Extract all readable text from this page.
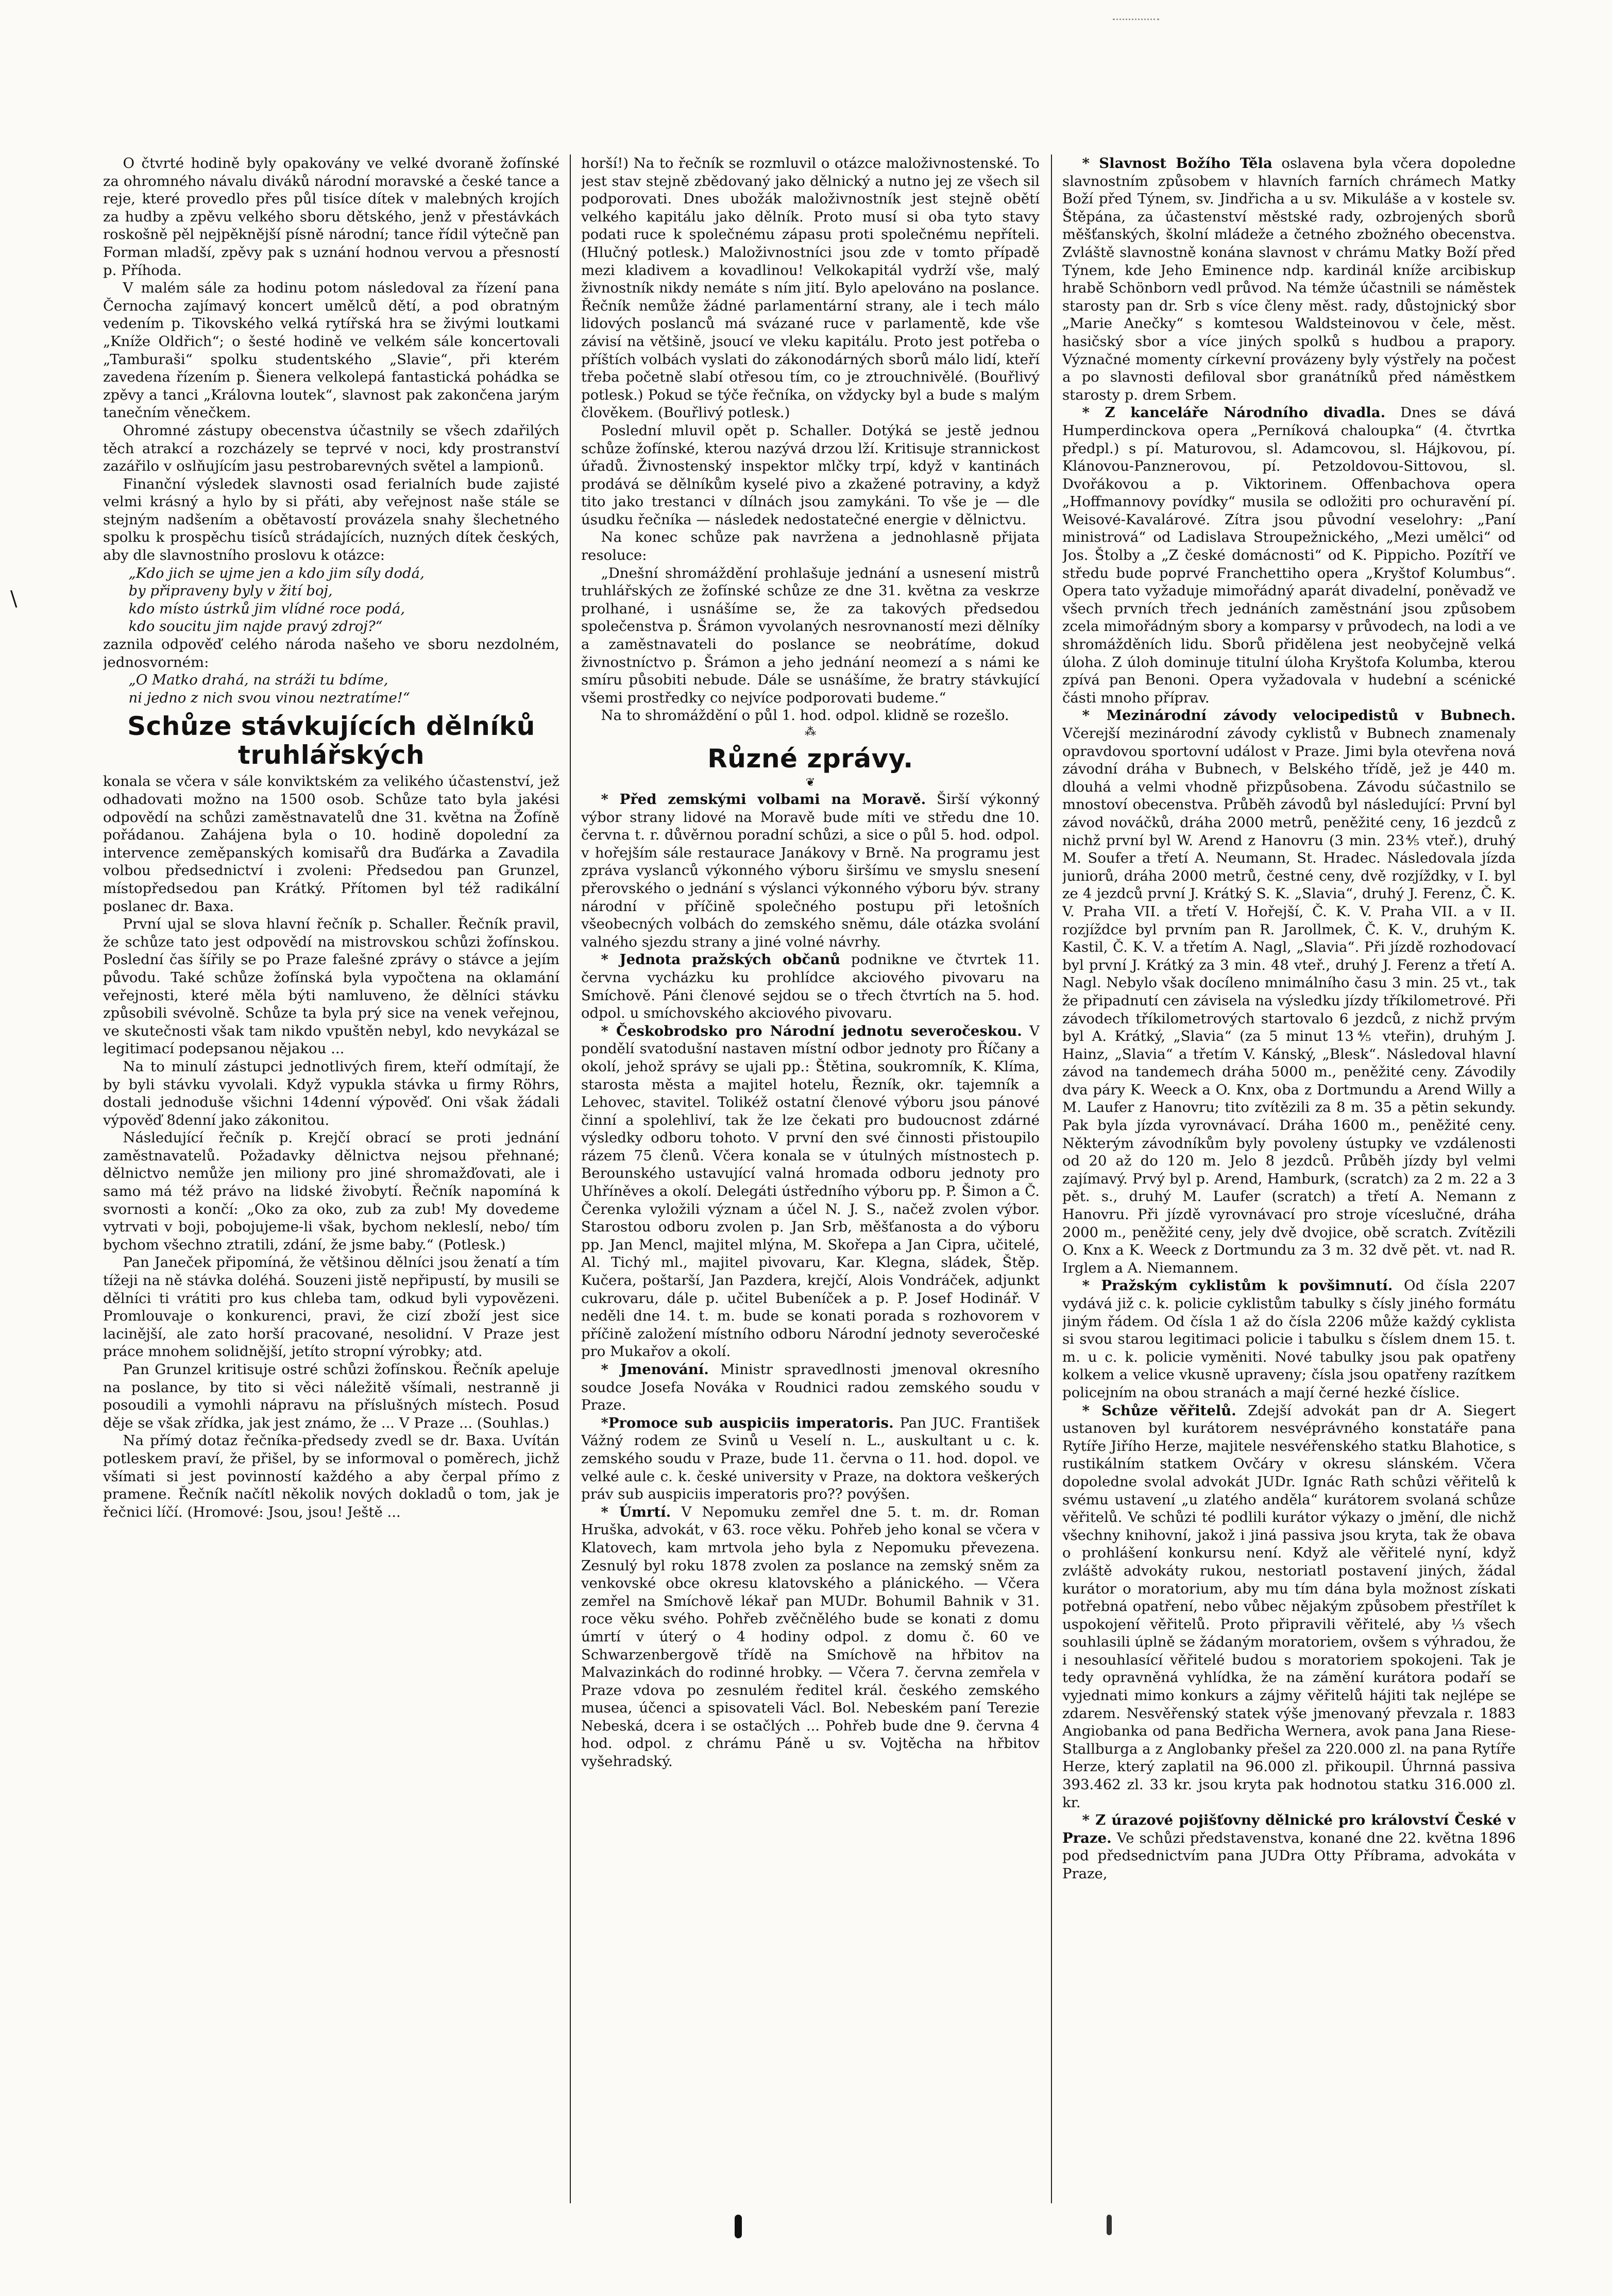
\

O čtvrté hodině byly opakovány ve velké dvoraně žofínské za ohromného návalu diváků národní moravské a české tance a reje, které provedlo přes půl tisíce dítek v malebných krojích za hudby a zpěvu velkého sboru dětského, jenž v přestávkách roskošně pěl nejpěknější písně národní; tance řídil výtečně pan Forman mladší, zpěvy pak s uznání hodnou vervou a přesností p. Příhoda.

V malém sále za hodinu potom následoval za řízení pana Černocha zajímavý koncert umělců dětí, a pod obratným vedením p. Tikovského velká rytířská hra se živými loutkami „Kníže Oldřich“; o šesté hodině ve velkém sále koncertovali „Tamburaši“ spolku studentského „Slavie“, při kterém zavedena řízením p. Šienera velkolepá fantastická pohádka se zpěvy a tanci „Královna loutek“, slavnost pak zakončena jarým tanečním věnečkem.

Ohromné zástupy obecenstva účastnily se všech zdařilých těch atrakcí a rozcházely se teprvé v noci, kdy prostranství zazářilo v oslňujícím jasu pestrobarevných světel a lampionů.

Finanční výsledek slavnosti osad ferialních bude zajisté velmi krásný a hylo by si přáti, aby veřejnost naše stále se stejným nadšením a obětavostí provázela snahy šlechetného spolku k prospěchu tisíců strádajících, nuzných dítek českých, aby dle slavnostního proslovu k otázce:

„Kdo jich se ujme jen a kdo jim síly dodá,

by připraveny byly v žití boj,

kdo místo ústrků jim vlídné roce podá,

kdo soucitu jim najde pravý zdroj?“

zaznila odpověď celého národa našeho ve sboru nezdolném, jednosvorném:

„O Matko drahá, na stráži tu bdíme,

ni jedno z nich svou vinou neztratíme!“

Schůze stávkujících dělníků
truhlářských

konala se včera v sále konviktském za velikého účastenství, jež odhadovati možno na 1500 osob. Schůze tato byla jakési odpovědí na schůzi zaměstnavatelů dne 31. května na Žofíně pořádanou. Zahájena byla o 10. hodině dopolední za intervence zeměpanských komisařů dra Buďárka a Zavadila volbou předsednictví i zvoleni: Předsedou pan Grunzel, místopředsedou pan Krátký. Přítomen byl též radikální poslanec dr. Baxa.

První ujal se slova hlavní řečník p. Schaller. Řečník pravil, že schůze tato jest odpovědí na mistrovskou schůzi žofínskou. Poslední čas šířily se po Praze falešné zprávy o stávce a jejím původu. Také schůze žofínská byla vypočtena na oklamání veřejnosti, které měla býti namluveno, že dělníci stávku způsobili svévolně. Schůze ta byla prý sice na venek veřejnou, ve skutečnosti však tam nikdo vpuštěn nebyl, kdo nevykázal se legitimací podepsanou nějakou ...

Na to minulí zástupci jednotlivých firem, kteří odmítají, že by byli stávku vyvolali. Když vypukla stávka u firmy Röhrs, dostali jednoduše všichni 14denní výpověď. Oni však žádali výpověď 8denní jako zákonitou.

Následující řečník p. Krejčí obrací se proti jednání zaměstnavatelů. Požadavky dělnictva nejsou přehnané; dělnictvo nemůže jen miliony pro jiné shromažďovati, ale i samo má též právo na lidské živobytí. Řečník napomíná k svornosti a končí: „Oko za oko, zub za zub! My dovedeme vytrvati v boji, pobojujeme-li však, bychom nekleslí, nebo/ tím bychom všechno ztratili, zdání, že jsme baby.“ (Potlesk.)

Pan Janeček připomíná, že většinou dělníci jsou ženatí a tím tížeji na ně stávka doléhá. Souzeni jistě nepřipustí, by musili se dělníci ti vrátiti pro kus chleba tam, odkud byli vypovězeni. Promlouvaje o konkurenci, pravi, že cizí zboží jest sice lacinější, ale zato horší pracované, nesolidní. V Praze jest práce mnohem solidnější, jetíto stropní výrobky; atd.

Pan Grunzel kritisuje ostré schůzi žofínskou. Řečník apeluje na poslance, by tito si věci náležitě všímali, nestranně ji posoudili a vymohli nápravu na příslušných místech. Posud děje se však zřídka, jak jest známo, že ... V Praze ... (Souhlas.)

Na přímý dotaz řečníka-předsedy zvedl se dr. Baxa. Uvítán potleskem praví, že přišel, by se informoval o poměrech, jichž všímati si jest povinností každého a aby čerpal přímo z pramene. Řečník načítl několik nových dokladů o tom, jak je řečnici líčí. (Hromové: Jsou, jsou! Ještě ...

horší!) Na to řečník se rozmluvil o otázce maloživnostenské. To jest stav stejně zbědovaný jako dělnický a nutno jej ze všech sil podporovati. Dnes ubožák maloživnostník jest stejně obětí velkého kapitálu jako dělník. Proto musí si oba tyto stavy podati ruce k společnému zápasu proti společnému nepříteli. (Hlučný potlesk.) Maloživnostníci jsou zde v tomto případě mezi kladivem a kovadlinou! Velkokapitál vydrží vše, malý živnostník nikdy nemáte s ním jití. Bylo apelováno na poslance. Řečník nemůže žádné parlamentární strany, ale i tech málo lidových poslanců má svázané ruce v parlamentě, kde vše závisí na většině, jsoucí ve vleku kapitálu. Proto jest potřeba o příštích volbách vyslati do zákonodárných sborů málo lidí, kteří třeba početně slabí otřesou tím, co je ztrouchnivělé. (Bouřlivý potlesk.) Pokud se týče řečníka, on vždycky byl a bude s malým člověkem. (Bouřlivý potlesk.)

Poslední mluvil opět p. Schaller. Dotýká se jestě jednou schůze žofínské, kterou nazývá drzou lží. Kritisuje strannickost úřadů. Živnostenský inspektor mlčky trpí, když v kantinách prodává se dělníkům kyselé pivo a zkažené potraviny, a když tito jako trestanci v dílnách jsou zamykáni. To vše je — dle úsudku řečníka — následek nedostatečné energie v dělnictvu.

Na konec schůze pak navržena a jednohlasně přijata resoluce:

„Dnešní shromáždění prohlašuje jednání a usnesení mistrů truhlářských ze žofínské schůze ze dne 31. května za veskrze prolhané, i usnášíme se, že za takových předsedou společenstva p. Šrámon vyvolaných nesrovnaností mezi dělníky a zaměstnavateli do poslance se neobrátíme, dokud živnostníctvo p. Šrámon a jeho jednání neomezí a s námi ke smíru působiti nebude. Dále se usnášíme, že bratry stávkující všemi prostředky co nejvíce podporovati budeme.“

Na to shromáždění o půl 1. hod. odpol. klidně se rozešlo.

⁂
Různé zprávy.
❦

* Před zemskými volbami na Moravě. Širší výkonný výbor strany lidové na Moravě bude míti ve středu dne 10. června t. r. důvěrnou poradní schůzi, a sice o půl 5. hod. odpol. v hořejším sále restaurace Janákovy v Brně. Na programu jest zpráva vyslanců výkonného výboru širšímu ve smyslu snesení přerovského o jednání s výslanci výkonného výboru býv. strany národní v příčině společného postupu při letošních všeobecných volbách do zemského sněmu, dále otázka svolání valného sjezdu strany a jiné volné návrhy.

* Jednota pražských občanů podnikne ve čtvrtek 11. června vycházku ku prohlídce akciového pivovaru na Smíchově. Páni členové sejdou se o třech čtvrtích na 5. hod. odpol. u smíchovského akciového pivovaru.

* Českobrodsko pro Národní jednotu severočeskou. V pondělí svatodušní nastaven místní odbor jednoty pro Říčany a okolí, jehož správy se ujali pp.: Štětina, soukromník, K. Klíma, starosta města a majitel hotelu, Řezník, okr. tajemník a Lehovec, stavitel. Tolikéž ostatní členové výboru jsou pánové činní a spolehliví, tak že lze čekati pro budoucnost zdárné výsledky odboru tohoto. V první den své činnosti přistoupilo rázem 75 členů. Včera konala se v útulných místnostech p. Berounského ustavující valná hromada odboru jednoty pro Uhříněves a okolí. Delegáti ústředního výboru pp. P. Šimon a Č. Čerenka vyložili význam a účel N. J. S., načež zvolen výbor. Starostou odboru zvolen p. Jan Srb, měšťanosta a do výboru pp. Jan Mencl, majitel mlýna, M. Skořepa a Jan Cipra, učitelé, Al. Tichý ml., majitel pivovaru, Kar. Klegna, sládek, Štěp. Kučera, poštarší, Jan Pazdera, krejčí, Alois Vondráček, adjunkt cukrovaru, dále p. učitel Bubeníček a p. P. Josef Hodinář. V neděli dne 14. t. m. bude se konati porada s rozhovorem v příčině založení místního odboru Národní jednoty severočeské pro Mukařov a okolí.

* Jmenování. Ministr spravedlnosti jmenoval okresního soudce Josefa Nováka v Roudnici radou zemského soudu v Praze.

*Promoce sub auspiciis imperatoris. Pan JUC. František Vážný rodem ze Svinů u Veselí n. L., auskultant u c. k. zemského soudu v Praze, bude 11. června o 11. hod. dopol. ve velké aule c. k. české university v Praze, na doktora veškerých práv sub auspiciis imperatoris pro?? povýšen.

* Úmrtí. V Nepomuku zemřel dne 5. t. m. dr. Roman Hruška, advokát, v 63. roce věku. Pohřeb jeho konal se včera v Klatovech, kam mrtvola jeho byla z Nepomuku převezena. Zesnulý byl roku 1878 zvolen za poslance na zemský sněm za venkovské obce okresu klatovského a plánického. — Včera zemřel na Smíchově lékař pan MUDr. Bohumil Bahnik v 31. roce věku svého. Pohřeb zvěčnělého bude se konati z domu úmrtí v úterý o 4 hodiny odpol. z domu č. 60 ve Schwarzenbergově třídě na Smíchově na hřbitov na Malvazinkách do rodinné hrobky. — Včera 7. června zemřela v Praze vdova po zesnulém ředitel král. českého zemského musea, účenci a spisovateli Václ. Bol. Nebeském paní Terezie Nebeská, dcera i se ostačlých ... Pohřeb bude dne 9. června 4 hod. odpol. z chrámu Páně u sv. Vojtěcha na hřbitov vyšehradský.

* Slavnost Božího Těla oslavena byla včera dopoledne slavnostním způsobem v hlavních farních chrámech Matky Boží před Týnem, sv. Jindřicha a u sv. Mikuláše a v kostele sv. Štěpána, za účastenství městské rady, ozbrojených sborů měšťanských, školní mládeže a četného zbožného obecenstva. Zvláště slavnostně konána slavnost v chrámu Matky Boží před Týnem, kde Jeho Eminence ndp. kardinál kníže arcibiskup hrabě Schönborn vedl průvod. Na témže účastnili se náměstek starosty pan dr. Srb s více členy měst. rady, důstojnický sbor „Marie Anečky“ s komtesou Waldsteinovou v čele, měst. hasičský sbor a více jiných spolků s hudbou a prapory. Význačné momenty církevní provázeny byly výstřely na počest a po slavnosti defiloval sbor granátníků před náměstkem starosty p. drem Srbem.

* Z kanceláře Národního divadla. Dnes se dává Humperdinckova opera „Perníková chaloupka“ (4. čtvrtka předpl.) s pí. Maturovou, sl. Adamcovou, sl. Hájkovou, pí. Klánovou-Panznerovou, pí. Petzoldovou-Sittovou, sl. Dvořákovou a p. Viktorinem. Offenbachova opera „Hoffmannovy povídky“ musila se odložiti pro ochuravění pí. Weisové-Kavalárové. Zítra jsou původní veselohry: „Paní ministrová“ od Ladislava Stroupežnického, „Mezi umělci“ od Jos. Štolby a „Z české domácnosti“ od K. Pippicho. Pozítří ve středu bude poprvé Franchettiho opera „Kryštof Kolumbus“. Opera tato vyžaduje mimořádný aparát divadelní, poněvadž ve všech prvních třech jednáních zaměstnání jsou způsobem zcela mimořádným sbory a komparsy v průvodech, na lodi a ve shromážděních lidu. Sborů přidělena jest neobyčejně velká úloha. Z úloh dominuje titulní úloha Kryštofa Kolumba, kterou zpívá pan Benoni. Opera vyžadovala v hudební a scénické části mnoho příprav.

* Mezinárodní závody velocipedistů v Bubnech. Včerejší mezinárodní závody cyklistů v Bubnech znamenaly opravdovou sportovní událost v Praze. Jimi byla otevřena nová závodní dráha v Bubnech, v Belského třídě, jež je 440 m. dlouhá a velmi vhodně přizpůsobena. Závodu súčastnilo se mnostoví obecenstva. Průběh závodů byl následující: První byl závod nováčků, dráha 2000 metrů, peněžité ceny, 16 jezdců z nichž první byl W. Arend z Hanovru (3 min. 23⅘ vteř.), druhý M. Soufer a třetí A. Neumann, St. Hradec. Následovala jízda juniorů, dráha 2000 metrů, čestné ceny, dvě rozjíždky, v I. byl ze 4 jezdců první J. Krátký S. K. „Slavia“, druhý J. Ferenz, Č. K. V. Praha VII. a třetí V. Hořejší, Č. K. V. Praha VII. a v II. rozjíždce byl prvním pan R. Jarollmek, Č. K. V., druhým K. Kastil, Č. K. V. a třetím A. Nagl, „Slavia“. Při jízdě rozhodovací byl první J. Krátký za 3 min. 48 vteř., druhý J. Ferenz a třetí A. Nagl. Nebylo však docíleno mnimálního času 3 min. 25 vt., tak že připadnutí cen závisela na výsledku jízdy tříkilometrové. Při závodech tříkilometrových startovalo 6 jezdců, z nichž prvým byl A. Krátký, „Slavia“ (za 5 minut 13⅘ vteřin), druhým J. Hainz, „Slavia“ a třetím V. Kánský, „Blesk“. Následoval hlavní závod na tandemech dráha 5000 m., peněžité ceny. Závodily dva páry K. Weeck a O. Knx, oba z Dortmundu a Arend Willy a M. Laufer z Hanovru; tito zvítězili za 8 m. 35 a pětin sekundy. Pak byla jízda vyrovnávací. Dráha 1600 m., peněžité ceny. Některým závodníkům byly povoleny ústupky ve vzdálenosti od 20 až do 120 m. Jelo 8 jezdců. Průběh jízdy byl velmi zajímavý. Prvý byl p. Arend, Hamburk, (scratch) za 2 m. 22 a 3 pět. s., druhý M. Laufer (scratch) a třetí A. Nemann z Hanovru. Při jízdě vyrovnávací pro stroje víceslučné, dráha 2000 m., peněžité ceny, jely dvě dvojice, obě scratch. Zvítězili O. Knx a K. Weeck z Dortmundu za 3 m. 32 dvě pět. vt. nad R. Irglem a A. Niemannem.

* Pražským cyklistům k povšimnutí. Od čísla 2207 vydává již c. k. policie cyklistům tabulky s čísly jiného formátu jiným řádem. Od čísla 1 až do čísla 2206 může každý cyklista si svou starou legitimaci policie i tabulku s číslem dnem 15. t. m. u c. k. policie vyměniti. Nové tabulky jsou pak opatřeny kolkem a velice vkusně upraveny; čísla jsou opatřeny razítkem policejním na obou stranách a mají černé hezké číslice.

* Schůze věřitelů. Zdejší advokát pan dr A. Siegert ustanoven byl kurátorem nesvéprávného konstatáře pana Rytíře Jiřího Herze, majitele nesvéřenského statku Blahotice, s rustikálním statkem Ovčáry v okresu slánském. Včera dopoledne svolal advokát JUDr. Ignác Rath schůzi věřitelů k svému ustavení „u zlatého anděla“ kurátorem svolaná schůze věřitelů. Ve schůzi té podlili kurátor výkazy o jmění, dle nichž všechny knihovní, jakož i jiná passiva jsou kryta, tak že obava o prohlášení konkursu není. Když ale věřitelé nyní, když zvláště advokáty rukou, nestoriatl postavení jiných, žádal kurátor o moratorium, aby mu tím dána byla možnost získati potřebná opatření, nebo vůbec nějakým způsobem přestřílet k uspokojení věřitelů. Proto připravili věřitelé, aby ⅓ všech souhlasili úplně se žádaným moratoriem, ovšem s výhradou, že i nesouhlasící věřitelé budou s moratoriem spokojeni. Tak je tedy opravněná vyhlídka, že na zámění kurátora podaří se vyjednati mimo konkurs a zájmy věřitelů hájiti tak nejlépe se zdarem. Nesvěřenský statek výše jmenovaný převzala r. 1883 Angiobanka od pana Bedřicha Wernera, avok pana Jana Riese-Stallburga a z Anglobanky přešel za 220.000 zl. na pana Rytíře Herze, který zaplatil na 96.000 zl. přikoupil. Úhrnná passiva 393.462 zl. 33 kr. jsou kryta pak hodnotou statku 316.000 zl. kr.

* Z úrazové pojišťovny dělnické pro království České v Praze. Ve schůzi představenstva, konané dne 22. května 1896 pod předsednictvím pana JUDra Otty Příbrama, advokáta v Praze,
